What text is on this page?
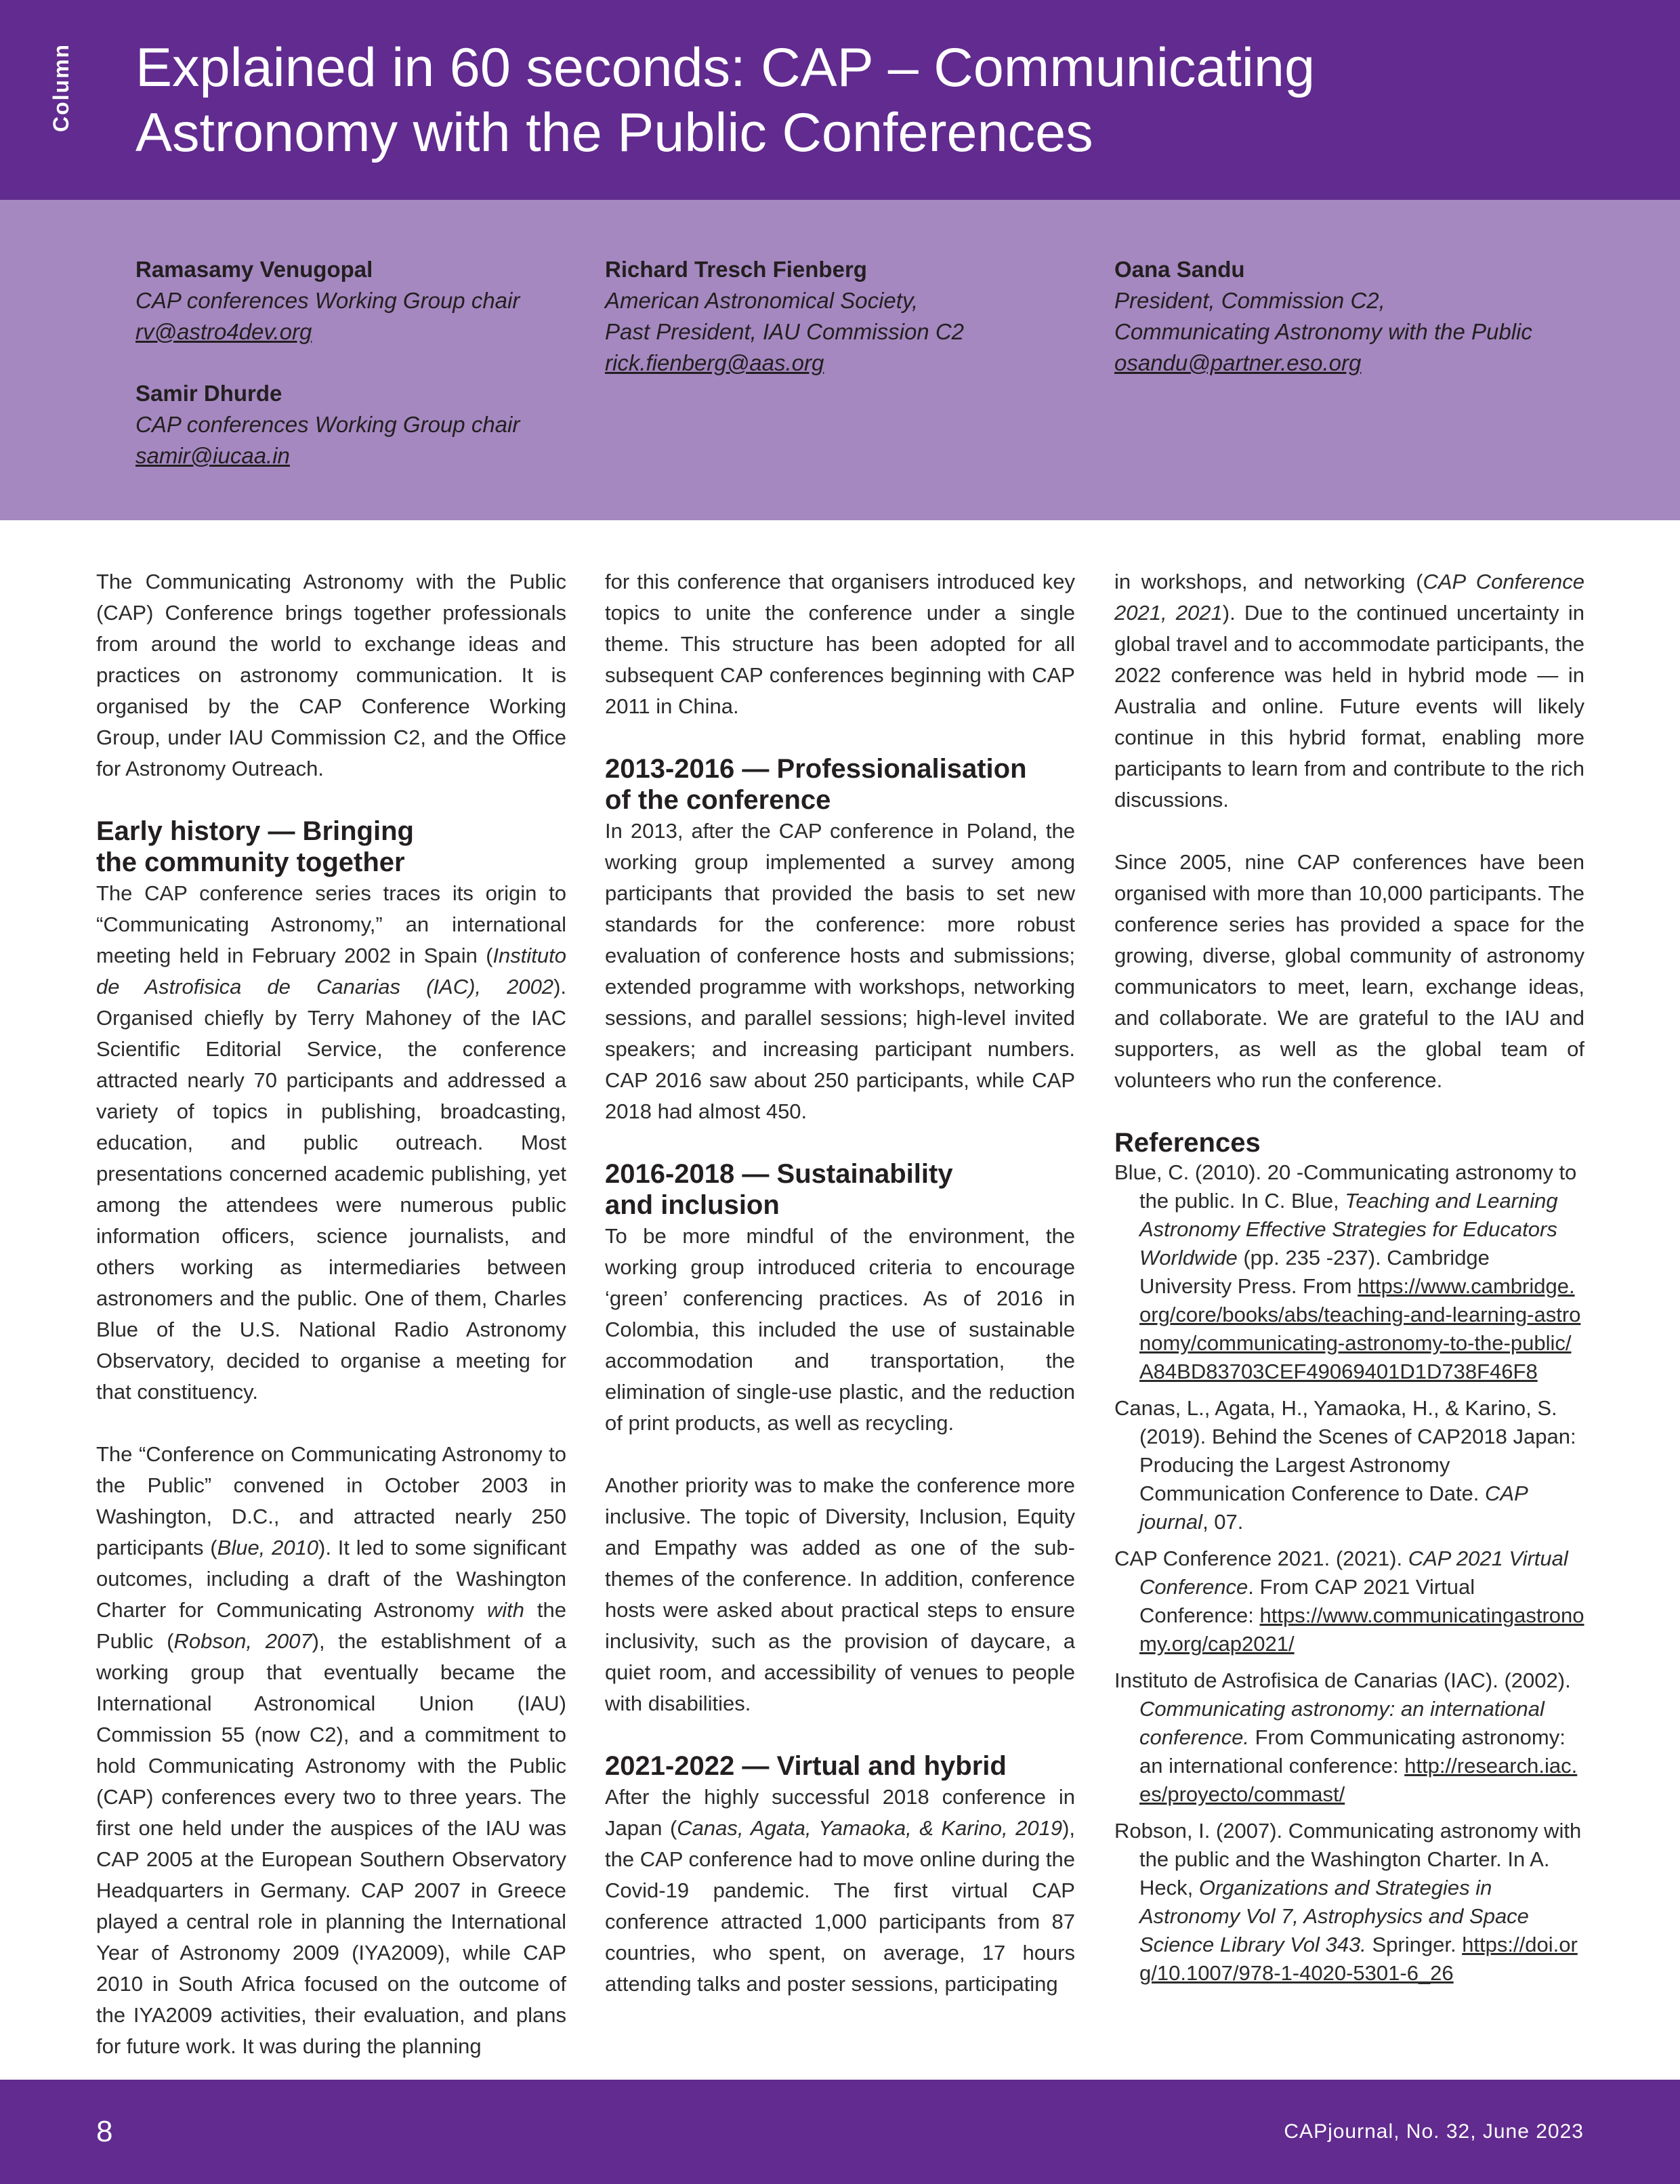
Column Explained in 60 seconds: CAP – Communicating
Astronomy with the Public Conferences
Ramasamy Venugopal
CAP conferences Working Group chair
rv@astro4dev.org
Samir Dhurde
CAP conferences Working Group chair
samir@iucaa.in
Richard Tresch Fienberg
American Astronomical Society,
Past President, IAU Commission C2
rick.fienberg@aas.org
Oana Sandu
President, Commission C2,
Communicating Astronomy with the Public
osandu@partner.eso.org

The Communicating Astronomy with the Public (CAP) Conference brings together professionals from around the world to exchange ideas and practices on astronomy communication. It is organised by the CAP Conference Working Group, under IAU Commission C2, and the Office for Astronomy Outreach.

Early history — Bringing
the community together

The CAP conference series traces its origin to “Communicating Astronomy,” an international meeting held in February 2002 in Spain (Instituto de Astrofisica de Canarias (IAC), 2002). Organised chiefly by Terry Mahoney of the IAC Scientific Editorial Service, the conference attracted nearly 70 participants and addressed a variety of topics in publishing, broadcasting, education, and public outreach. Most presentations concerned academic publishing, yet among the attendees were numerous public information officers, science journalists, and others working as intermediaries between astronomers and the public. One of them, Charles Blue of the U.S. National Radio Astronomy Observatory, decided to organise a meeting for that constituency.

The “Conference on Communicating Astronomy to the Public” convened in October 2003 in Washington, D.C., and attracted nearly 250 participants (Blue, 2010). It led to some significant outcomes, including a draft of the Washington Charter for Communicating Astronomy with the Public (Robson, 2007), the establishment of a working group that eventually became the International Astronomical Union (IAU) Commission 55 (now C2), and a commitment to hold Communicating Astronomy with the Public (CAP) conferences every two to three years. The first one held under the auspices of the IAU was CAP 2005 at the European Southern Observatory Headquarters in Germany. CAP 2007 in Greece played a central role in planning the International Year of Astronomy 2009 (IYA2009), while CAP 2010 in South Africa focused on the outcome of the IYA2009 activities, their evaluation, and plans for future work. It was during the planning

for this conference that organisers introduced key topics to unite the conference under a single theme. This structure has been adopted for all subsequent CAP conferences beginning with CAP 2011 in China.

2013-2016 — Professionalisation
of the conference

In 2013, after the CAP conference in Poland, the working group implemented a survey among participants that provided the basis to set new standards for the conference: more robust evaluation of conference hosts and submissions; extended programme with workshops, networking sessions, and parallel sessions; high-level invited speakers; and increasing participant numbers. CAP 2016 saw about 250 participants, while CAP 2018 had almost 450.

2016-2018 — Sustainability
and inclusion

To be more mindful of the environment, the working group introduced criteria to encourage ‘green’ conferencing practices. As of 2016 in Colombia, this included the use of sustainable accommodation and transportation, the elimination of single-use plastic, and the reduction of print products, as well as recycling.

Another priority was to make the conference more inclusive. The topic of Diversity, Inclusion, Equity and Empathy was added as one of the sub-themes of the conference. In addition, conference hosts were asked about practical steps to ensure inclusivity, such as the provision of daycare, a quiet room, and accessibility of venues to people with disabilities.

2021-2022 — Virtual and hybrid

After the highly successful 2018 conference in Japan (Canas, Agata, Yamaoka, & Karino, 2019), the CAP conference had to move online during the Covid-19 pandemic. The first virtual CAP conference attracted 1,000 participants from 87 countries, who spent, on average, 17 hours attending talks and poster sessions, participating

in workshops, and networking (CAP Conference 2021, 2021). Due to the continued uncertainty in global travel and to accommodate participants, the 2022 conference was held in hybrid mode — in Australia and online. Future events will likely continue in this hybrid format, enabling more participants to learn from and contribute to the rich discussions.

Since 2005, nine CAP conferences have been organised with more than 10,000 participants. The conference series has provided a space for the growing, diverse, global community of astronomy communicators to meet, learn, exchange ideas, and collaborate. We are grateful to the IAU and supporters, as well as the global team of volunteers who run the conference.

References
Blue, C. (2010). 20 -Communicating astronomy to the public. In C. Blue, Teaching and Learning Astronomy Effective Strategies for Educators Worldwide (pp. 235 -237). Cambridge University Press. From https://www.cambridge.org/core/books/abs/teaching-and-learning-astronomy/communicating-astronomy-to-the-public/A84BD83703CEF49069401D1D738F46F8
Canas, L., Agata, H., Yamaoka, H., & Karino, S. (2019). Behind the Scenes of CAP2018 Japan: Producing the Largest Astronomy Communication Conference to Date. CAP journal, 07.
CAP Conference 2021. (2021). CAP 2021 Virtual Conference. From CAP 2021 Virtual Conference: https://www.communicatingastronomy.org/cap2021/
Instituto de Astrofisica de Canarias (IAC). (2002). Communicating astronomy: an international conference. From Communicating astronomy: an international conference: http://research.iac.es/proyecto/commast/
Robson, I. (2007). Communicating astronomy with the public and the Washington Charter. In A. Heck, Organizations and Strategies in Astronomy Vol 7, Astrophysics and Space Science Library Vol 343. Springer. https://doi.org/10.1007/978-1-4020-5301-6_26
8	CAPjournal, No. 32, June 2023
